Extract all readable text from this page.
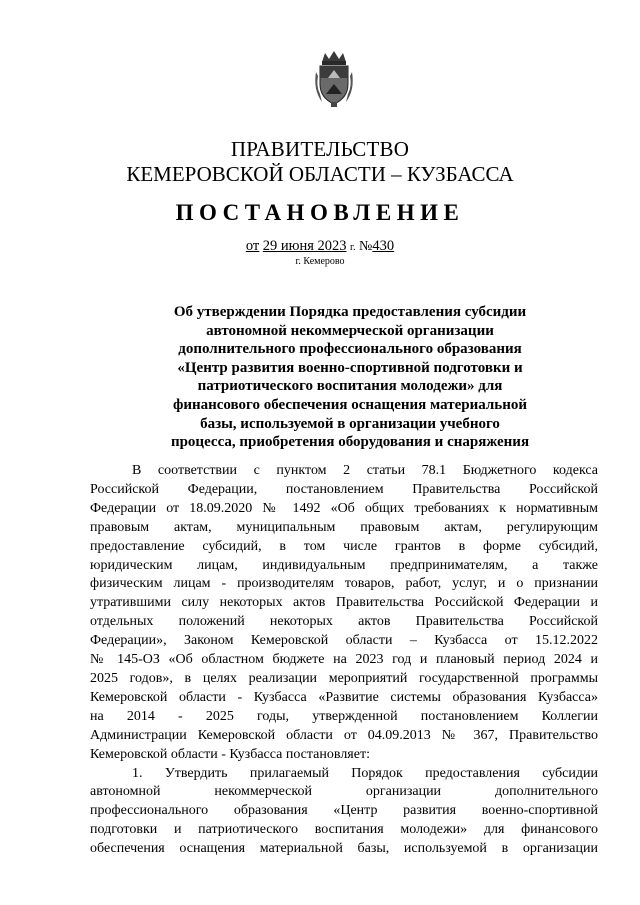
ПРАВИТЕЛЬСТВО
КЕМЕРОВСКОЙ ОБЛАСТИ – КУЗБАССА
ПОСТАНОВЛЕНИЕ
от 29 июня 2023 г. №430
г. Кемерово
Об утверждении Порядка предоставления субсидии
автономной некоммерческой организации
дополнительного профессионального образования
«Центр развития военно-спортивной подготовки и
патриотического воспитания молодежи» для
финансового обеспечения оснащения материальной
базы, используемой в организации учебного
процесса, приобретения оборудования и снаряжения
В соответствии с пунктом 2 статьи 78.1 Бюджетного кодекса
Российской Федерации, постановлением Правительства Российской
Федерации от 18.09.2020 № 1492 «Об общих требованиях к нормативным
правовым актам, муниципальным правовым актам, регулирующим
предоставление субсидий, в том числе грантов в форме субсидий,
юридическим лицам, индивидуальным предпринимателям, а также
физическим лицам - производителям товаров, работ, услуг, и о признании
утратившими силу некоторых актов Правительства Российской Федерации и
отдельных положений некоторых актов Правительства Российской
Федерации», Законом Кемеровской области – Кузбасса от 15.12.2022
№ 145-ОЗ «Об областном бюджете на 2023 год и плановый период 2024 и
2025 годов», в целях реализации мероприятий государственной программы
Кемеровской области - Кузбасса «Развитие системы образования Кузбасса»
на 2014 - 2025 годы, утвержденной постановлением Коллегии
Администрации Кемеровской области от 04.09.2013 № 367, Правительство
Кемеровской области - Кузбасса постановляет:
1. Утвердить прилагаемый Порядок предоставления субсидии
автономной некоммерческой организации дополнительного
профессионального образования «Центр развития военно-спортивной
подготовки и патриотического воспитания молодежи» для финансового
обеспечения оснащения материальной базы, используемой в организации
